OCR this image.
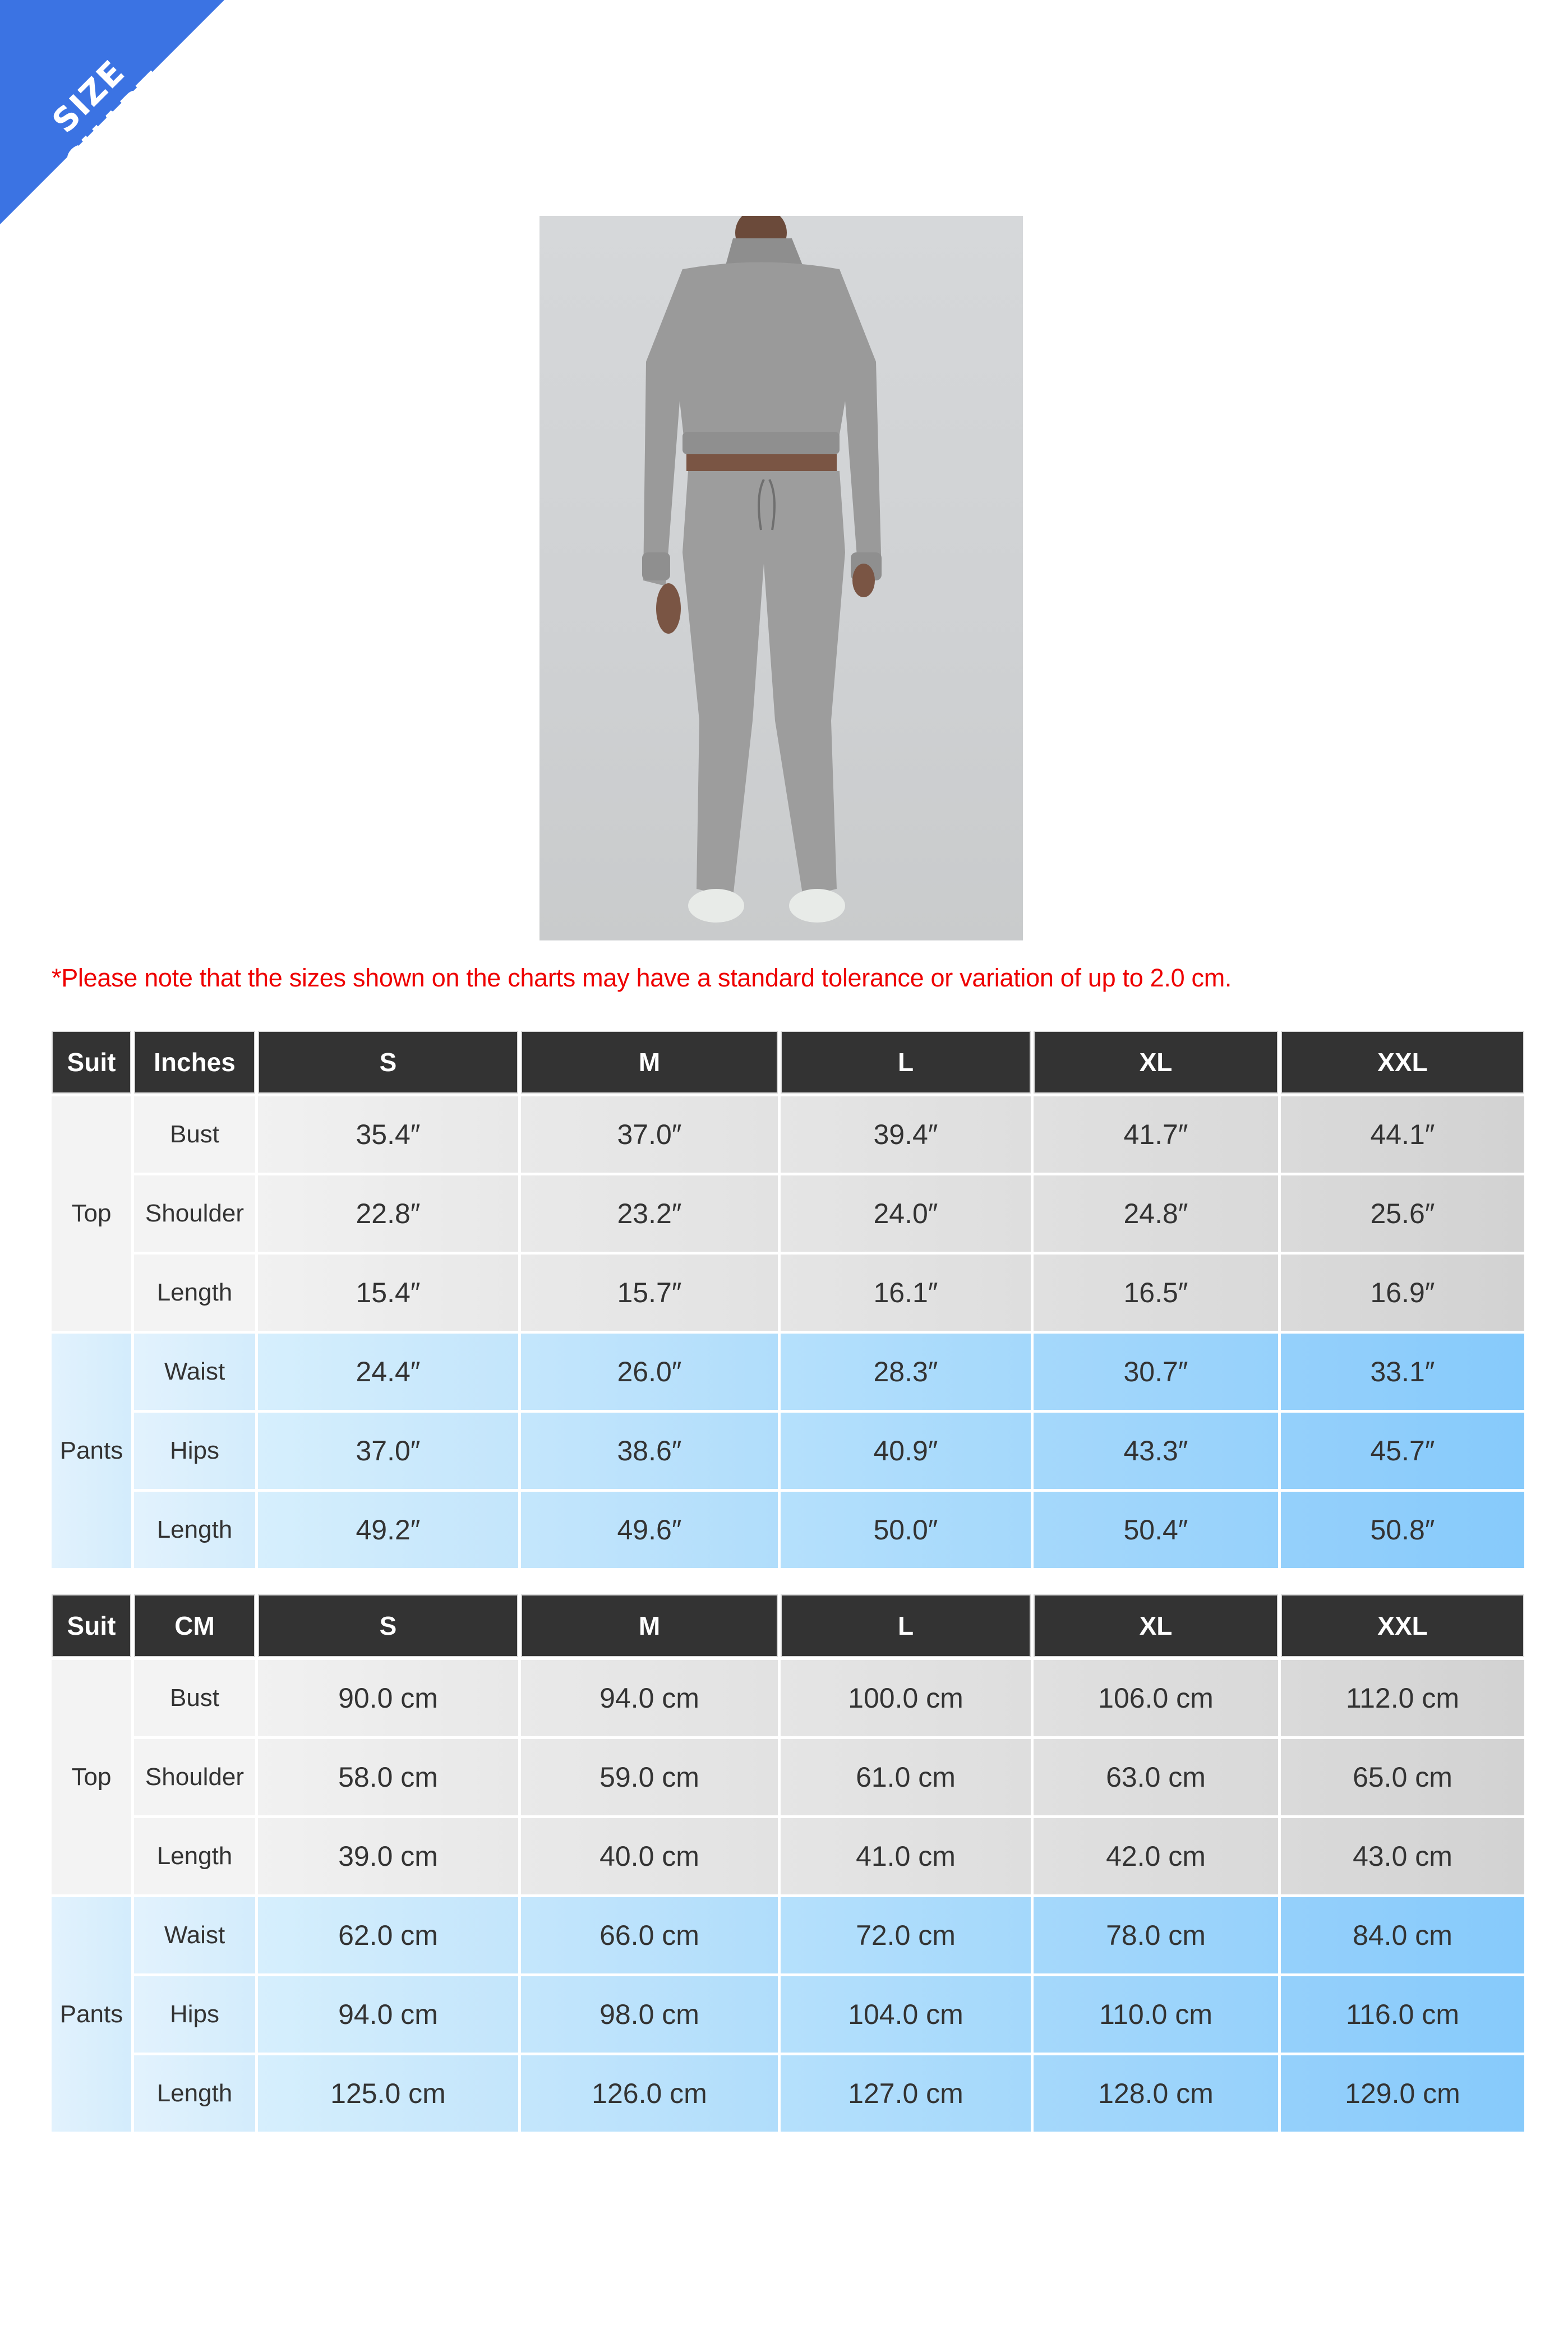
SIZE CHART
*Please note that the sizes shown on the charts may have a standard tolerance or variation of up to 2.0 cm.
Suit	Inches	S	M	L	XL	XXL
Top	Bust	35.4″	37.0″	39.4″	41.7″	44.1″
	Shoulder	22.8″	23.2″	24.0″	24.8″	25.6″
	Length	15.4″	15.7″	16.1″	16.5″	16.9″
Pants	Waist	24.4″	26.0″	28.3″	30.7″	33.1″
	Hips	37.0″	38.6″	40.9″	43.3″	45.7″
	Length	49.2″	49.6″	50.0″	50.4″	50.8″
Suit	CM	S	M	L	XL	XXL
Top	Bust	90.0 cm	94.0 cm	100.0 cm	106.0 cm	112.0 cm
	Shoulder	58.0 cm	59.0 cm	61.0 cm	63.0 cm	65.0 cm
	Length	39.0 cm	40.0 cm	41.0 cm	42.0 cm	43.0 cm
Pants	Waist	62.0 cm	66.0 cm	72.0 cm	78.0 cm	84.0 cm
	Hips	94.0 cm	98.0 cm	104.0 cm	110.0 cm	116.0 cm
	Length	125.0 cm	126.0 cm	127.0 cm	128.0 cm	129.0 cm
